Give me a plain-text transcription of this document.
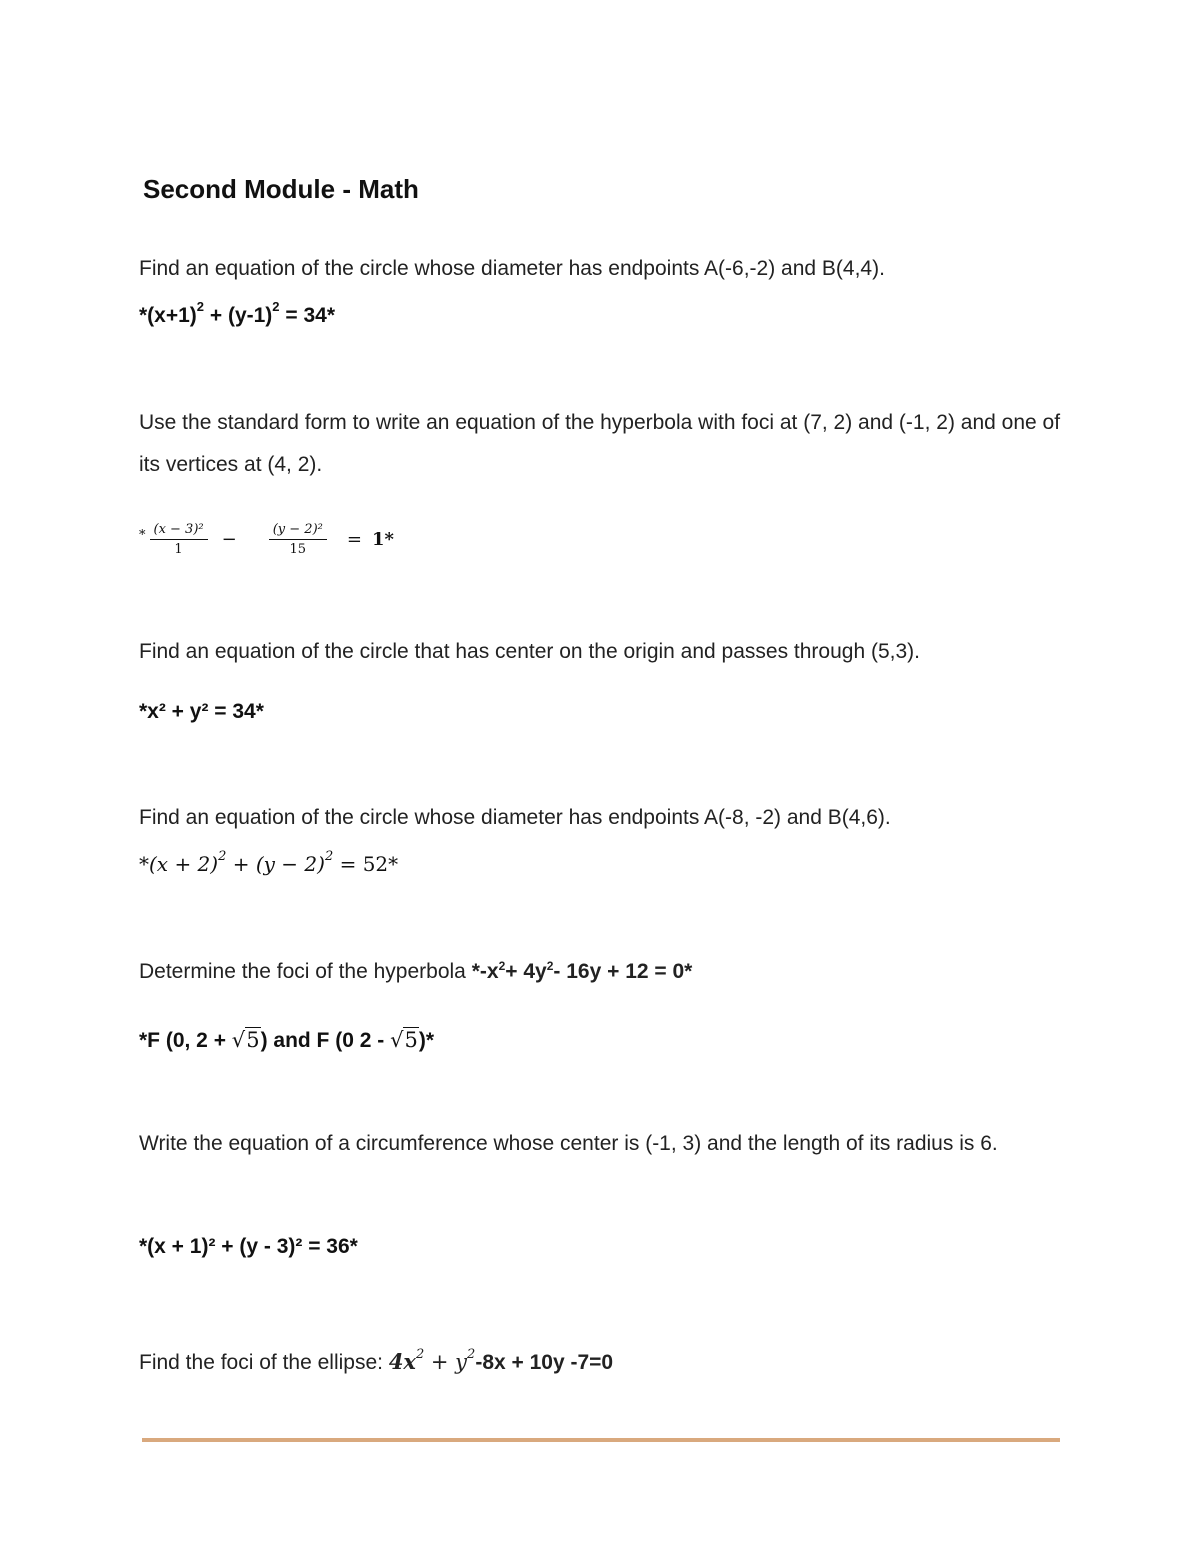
Second Module - Math

Find an equation of the circle whose diameter has endpoints A(-6,-2) and B(4,4).

$*(x+1)^2 + (y-1)^2 = 34*$

Use the standard form to write an equation of the hyperbola with foci at (7, 2) and (-1, 2) and one of its vertices at (4, 2).

* $\frac{\text{(x − 3)²}}{1} - \frac{\text{(y − 2)²}}{15} = 1*$

Find an equation of the circle that has center on the origin and passes through (5,3).

*x² + y² = 34*

Find an equation of the circle whose diameter has endpoints A(-8, -2) and B(4,6).

$*(x + 2)^2 + (y - 2)^2 = 52*$

Determine the foci of the hyperbola $*-x^2+ 4y^2-$ 16y + 12 = 0*

*F (0, 2 + √5) and F (0 2 - √5)*

Write the equation of a circumference whose center is (-1, 3) and the length of its radius is 6.

*(x + 1)² + (y - 3)² = 36*

Find the foci of the ellipse: $4x^2 + y^2-8x + 10y$ -7=0
